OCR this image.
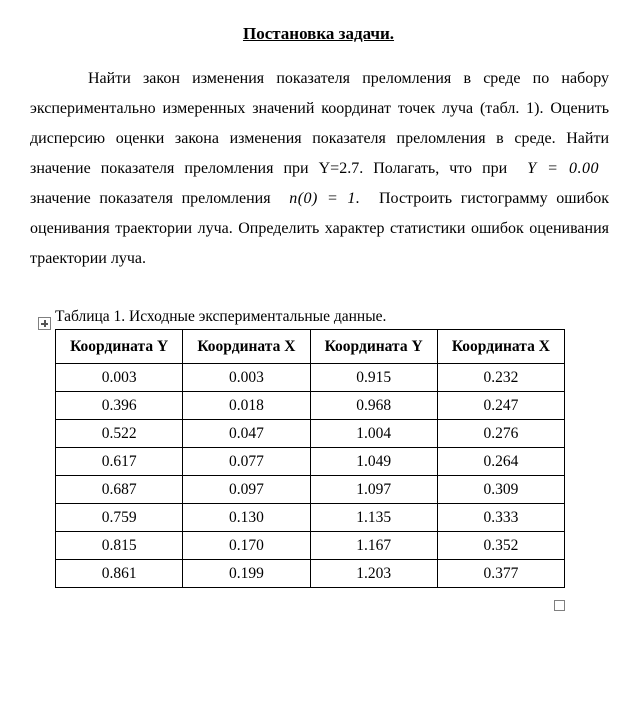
Постановка задачи.
Найти закон изменения показателя преломления в среде по набору экспериментально измеренных значений координат точек луча (табл. 1). Оценить дисперсию оценки закона изменения показателя преломления в среде. Найти значение показателя преломления при Y=2.7. Полагать, что при Y = 0.00 значение показателя преломления n(0) = 1. Построить гистограмму ошибок оценивания траектории луча. Определить характер статистики ошибок оценивания траектории луча.
Таблица 1. Исходные экспериментальные данные.
Координата Y	Координата X	Координата Y	Координата X
0.003	0.003	0.915	0.232
0.396	0.018	0.968	0.247
0.522	0.047	1.004	0.276
0.617	0.077	1.049	0.264
0.687	0.097	1.097	0.309
0.759	0.130	1.135	0.333
0.815	0.170	1.167	0.352
0.861	0.199	1.203	0.377
